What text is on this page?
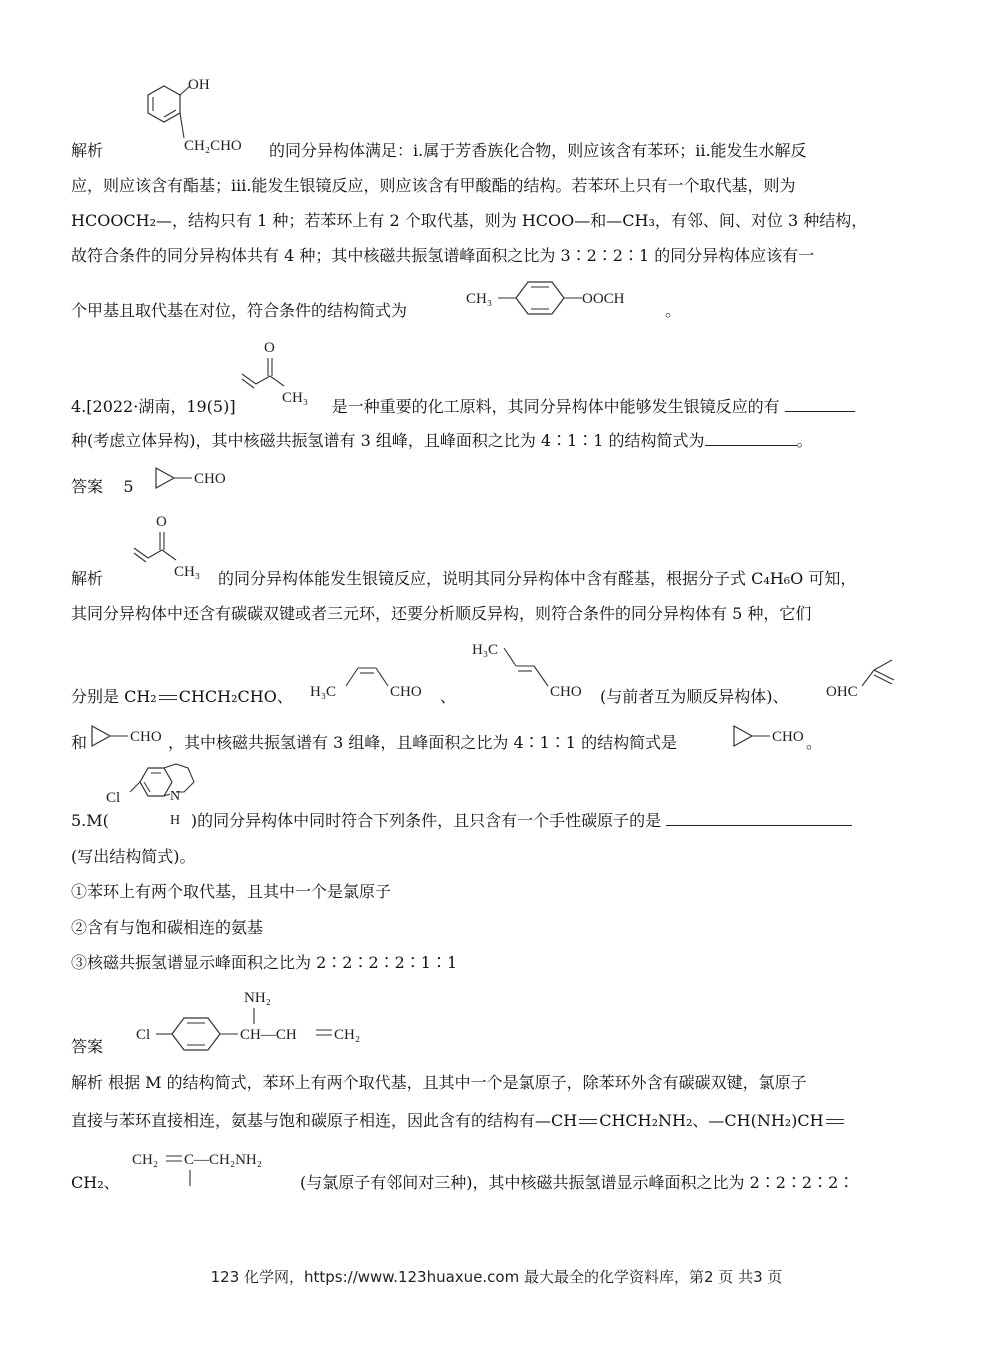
OH
CH₂CHO
解析	的同分异构体满足：ⅰ.属于芳香族化合物，则应该含有苯环；ⅱ.能发生水解反
应，则应该含有酯基；ⅲ.能发生银镜反应，则应该含有甲酸酯的结构。若苯环上只有一个取代基，则为
HCOOCH₂—，结构只有 1 种；若苯环上有 2 个取代基，则为 HCOO—和—CH₃，有邻、间、对位 3 种结构，
故符合条件的同分异构体共有 4 种；其中核磁共振氢谱峰面积之比为 3∶2∶2∶1 的同分异构体应该有一
个甲基且取代基在对位，符合条件的结构简式为
CH₃	OOCH
。
O
CH₃
4.[2022·湖南，19(5)]	是一种重要的化工原料，其同分异构体中能够发生银镜反应的有
种(考虑立体异构)，其中核磁共振氢谱有 3 组峰，且峰面积之比为 4∶1∶1 的结构简式为	。
答案 5	CHO
O
CH₃
解析	的同分异构体能发生银镜反应，说明其同分异构体中含有醛基，根据分子式 C₄H₆O 可知，
其同分异构体中还含有碳碳双键或者三元环，还要分析顺反异构，则符合条件的同分异构体有 5 种，它们
分别是 CH₂ CHCH₂CHO、 H₃C	CHO 、
H₃C
CHO (与前者互为顺反异构体)、	OHC
和	CHO ，其中核磁共振氢谱有 3 组峰，且峰面积之比为 4∶1∶1 的结构简式是	CHO 。
Cl	N
H
5.M(	)的同分异构体中同时符合下列条件，且只含有一个手性碳原子的是
(写出结构简式)。
①苯环上有两个取代基，且其中一个是氯原子
②含有与饱和碳相连的氨基
③核磁共振氢谱显示峰面积之比为 2∶2∶2∶2∶1∶1
答案
NH₂
Cl	CH—CH CH₂
解析 根据 M 的结构简式，苯环上有两个取代基，且其中一个是氯原子，除苯环外含有碳碳双键，氯原子
直接与苯环直接相连，氨基与饱和碳原子相连，因此含有的结构有—CH CHCH₂NH₂、—CH(NH₂)CH
CH₂、
CH₂ C—CH₂NH₂
(与氯原子有邻间对三种)，其中核磁共振氢谱显示峰面积之比为 2∶2∶2∶2∶
123 化学网，https://www.123huaxue.com 最大最全的化学资料库，第2 页 共3 页
